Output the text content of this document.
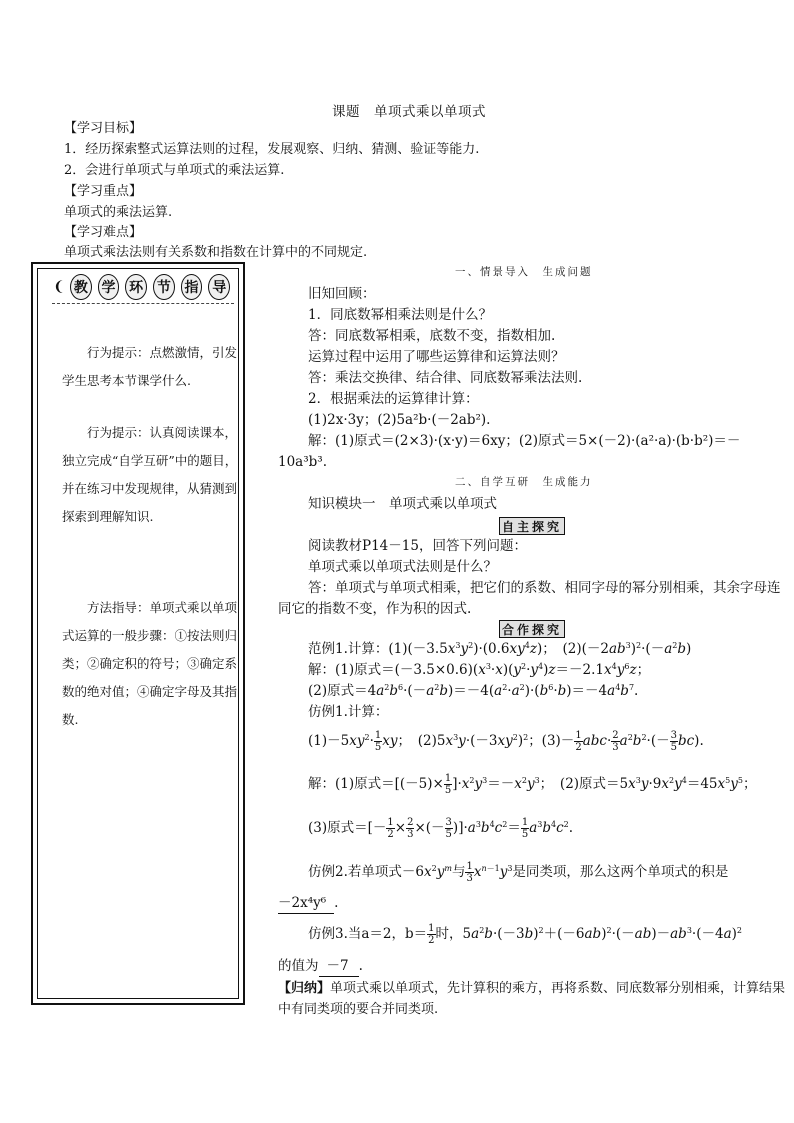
课题　单项式乘以单项式
【学习目标】
1．经历探索整式运算法则的过程，发展观察、归纳、猜测、验证等能力.
2．会进行单项式与单项式的乘法运算.
【学习重点】
单项式的乘法运算.
【学习难点】
单项式乘法法则有关系数和指数在计算中的不同规定.
❨ 教 学 环 节 指 导
行为提示：点燃激情，引发学生思考本节课学什么.
行为提示：认真阅读课本，独立完成“自学互研”中的题目，并在练习中发现规律，从猜测到探索到理解知识.
方法指导：单项式乘以单项式运算的一般步骤：①按法则归类；②确定积的符号；③确定系数的绝对值；④确定字母及其指数.
一、情景导入　生成问题
旧知回顾：
1．同底数幂相乘法则是什么？
答：同底数幂相乘，底数不变，指数相加.
运算过程中运用了哪些运算律和运算法则？
答：乘法交换律、结合律、同底数幂乘法法则.
2．根据乘法的运算律计算：
(1)2x·3y；(2)5a²b·(－2ab²).
解：(1)原式＝(2×3)·(x·y)＝6xy；(2)原式＝5×(－2)·(a²·a)·(b·b²)＝－
10a³b³.
二、自学互研　生成能力
知识模块一　单项式乘以单项式
自主探究
阅读教材P14－15，回答下列问题：
单项式乘以单项式法则是什么？
答：单项式与单项式相乘，把它们的系数、相同字母的幂分别相乘，其余字母连同它的指数不变，作为积的因式.
合作探究
范例1.计算：$(1)(-3.5x^3y^2)\cdot(0.6xy^4z)$；　$(2)(-2ab^3)^2\cdot(-a^2b)$
解：(1)原式$=(-3.5\times 0.6)(x^3\cdot x)(y^2\cdot y^4)z=-2.1x^4y^6z$；
(2)原式$=4a^2b^6\cdot(-a^2b)=-4(a^2\cdot a^2)\cdot(b^6\cdot b)=-4a^4b^7$.
仿例1.计算：
$(1)-5xy^2\cdot \frac{1}{5}$ xy；　$(2)5x^3y\cdot(-3xy^2)^2$；$(3)- \frac{1}{2} abc\cdot \frac{2}{3} a^2b^2\cdot(- \frac{3}{5} bc)$.
解：(1)原式$=[(-5)\times \frac{1}{5} ]\cdot x^2y^3=-x^2y^3$；　(2)原式$=5x^3y\cdot 9x^2y^4=45x^5y^5$；
(3)原式＝[－ $\frac{1}{2} \times \frac{2}{3}$ ×(－ $\frac{3}{5} )]\cdot a^3b^4c^2= \frac{1}{5} a^3b^4c^2$.
仿例2.若单项式$-6x^2y^m$与 $\frac{1}{3} x^{n-1}y^3$是同类项，那么这两个单项式的积是
－2x⁴y⁶ .
仿例3.当a＝2，$b= \frac{1}{2}$ 时，$5a^2b\cdot(-3b)^2+(-6ab)^2\cdot(-ab)-ab^3\cdot(-4a)^2$
的值为 －7 .
【归纳】单项式乘以单项式，先计算积的乘方，再将系数、同底数幂分别相乘，计算结果中有同类项的要合并同类项.
